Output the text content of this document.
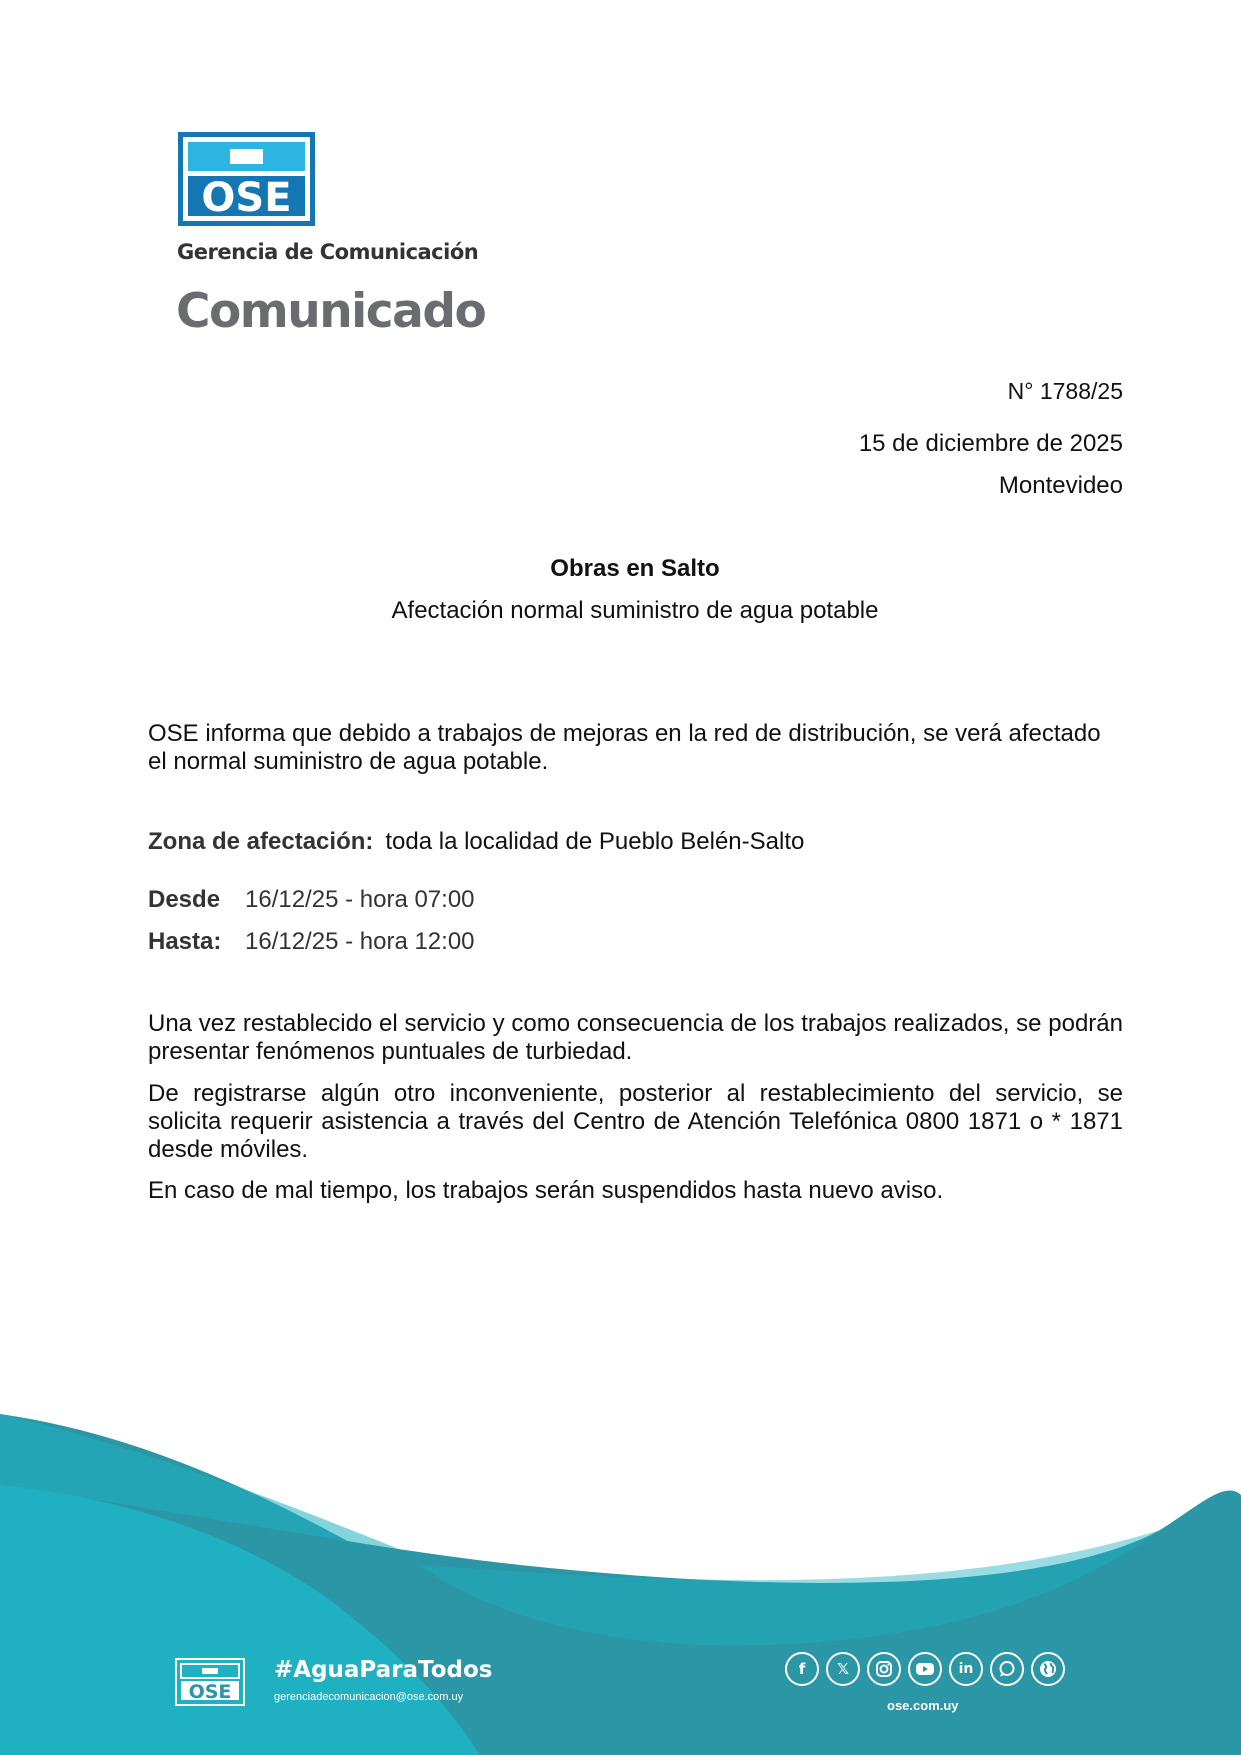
OSE
Gerencia de Comunicación
Comunicado
N° 1788/25
15 de diciembre de 2025
Montevideo
Obras en Salto
Afectación normal suministro de agua potable
OSE informa que debido a trabajos de mejoras en la red de distribución, se verá afectado el normal suministro de agua potable.
Zona de afectación: toda la localidad de Pueblo Belén-Salto
Desde 16/12/25 - hora 07:00
Hasta: 16/12/25 - hora 12:00
Una vez restablecido el servicio y como consecuencia de los trabajos realizados, se podrán presentar fenómenos puntuales de turbiedad.
De registrarse algún otro inconveniente, posterior al restablecimiento del servicio, se solicita requerir asistencia a través del Centro de Atención Telefónica 0800 1871 o * 1871 desde móviles.
En caso de mal tiempo, los trabajos serán suspendidos hasta nuevo aviso.
OSE
#AguaParaTodos
gerenciadecomunicacion@ose.com.uy
f	𝕏	in
ose.com.uy
